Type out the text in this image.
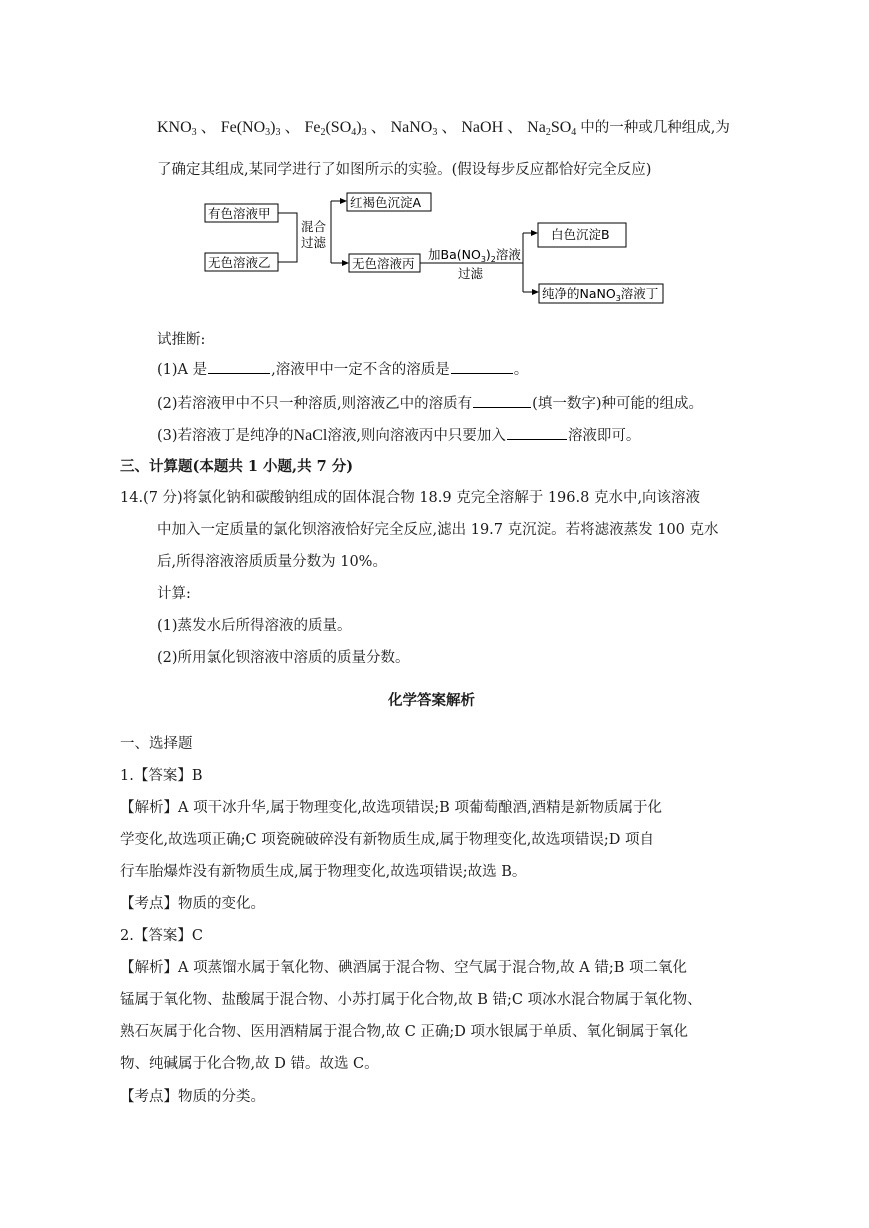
$KNO_3$ 、 $Fe(NO_3)_3$ 、 $Fe_2(SO_4)_3$ 、 NaNO$_3$ 、 NaOH 、 $Na_2SO_4$ 中的一种或几种组成,为
了确定其组成,某同学进行了如图所示的实验。(假设每步反应都恰好完全反应)
有色溶液甲
无色溶液乙
混合
过滤
红褐色沉淀A
无色溶液丙
加$Ba(NO_3)_2$溶液
过滤
白色沉淀B
纯净的NaNO$_3$溶液丁
试推断:
(1)A 是	,溶液甲中一定不含的溶质是	。
(2)若溶液甲中不只一种溶质,则溶液乙中的溶质有	(填一数字)种可能的组成。
(3)若溶液丁是纯净的NaCl溶液,则向溶液丙中只要加入	溶液即可。
三、计算题(本题共 1 小题,共 7 分)
14.(7 分)将氯化钠和碳酸钠组成的固体混合物 18.9 克完全溶解于 196.8 克水中,向该溶液
中加入一定质量的氯化钡溶液恰好完全反应,滤出 19.7 克沉淀。若将滤液蒸发 100 克水
后,所得溶液溶质质量分数为 10%。
计算:
(1)蒸发水后所得溶液的质量。
(2)所用氯化钡溶液中溶质的质量分数。
化学答案解析
一、选择题
1.【答案】B
【解析】A 项干冰升华,属于物理变化,故选项错误;B 项葡萄酿酒,酒精是新物质属于化
学变化,故选项正确;C 项瓷碗破碎没有新物质生成,属于物理变化,故选项错误;D 项自
行车胎爆炸没有新物质生成,属于物理变化,故选项错误;故选 B。
【考点】物质的变化。
2.【答案】C
【解析】A 项蒸馏水属于氧化物、碘酒属于混合物、空气属于混合物,故 A 错;B 项二氧化
锰属于氧化物、盐酸属于混合物、小苏打属于化合物,故 B 错;C 项冰水混合物属于氧化物、
熟石灰属于化合物、医用酒精属于混合物,故 C 正确;D 项水银属于单质、氧化铜属于氧化
物、纯碱属于化合物,故 D 错。故选 C。
【考点】物质的分类。
